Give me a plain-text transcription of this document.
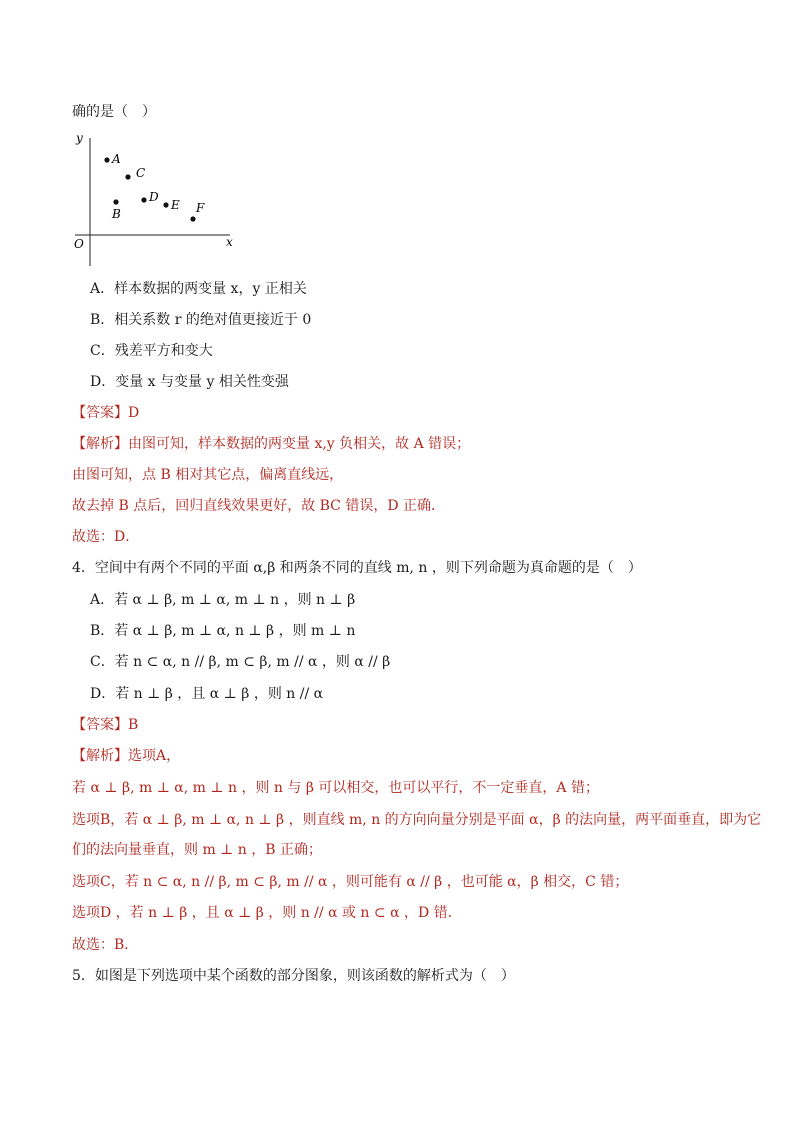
确的是（　）
y
x
O
A
C
B
D
E F
A．样本数据的两变量 x，y 正相关
B．相关系数 r 的绝对值更接近于 0
C．残差平方和变大
D．变量 x 与变量 y 相关性变强
【答案】D
【解析】由图可知，样本数据的两变量 x,y 负相关，故 A 错误；
由图可知，点 B 相对其它点，偏离直线远，
故去掉 B 点后，回归直线效果更好，故 BC 错误，D 正确．
故选：D．
4．空间中有两个不同的平面 α,β 和两条不同的直线 m, n ，则下列命题为真命题的是（　）
A．若 α ⊥ β, m ⊥ α, m ⊥ n ，则 n ⊥ β
B．若 α ⊥ β, m ⊥ α, n ⊥ β ，则 m ⊥ n
C．若 n ⊂ α, n // β, m ⊂ β, m // α ，则 α // β
D．若 n ⊥ β ，且 α ⊥ β ，则 n // α
【答案】B
【解析】选项A，
若 α ⊥ β, m ⊥ α, m ⊥ n ，则 n 与 β 可以相交，也可以平行，不一定垂直，A 错；
选项B，若 α ⊥ β, m ⊥ α, n ⊥ β ，则直线 m, n 的方向向量分别是平面 α，β 的法向量，两平面垂直，即为它
们的法向量垂直，则 m ⊥ n ，B 正确；
选项C，若 n ⊂ α, n // β, m ⊂ β, m // α ，则可能有 α // β ，也可能 α，β 相交，C 错；
选项D ，若 n ⊥ β ，且 α ⊥ β ，则 n // α 或 n ⊂ α ，D 错．
故选：B．
5．如图是下列选项中某个函数的部分图象，则该函数的解析式为（　）
